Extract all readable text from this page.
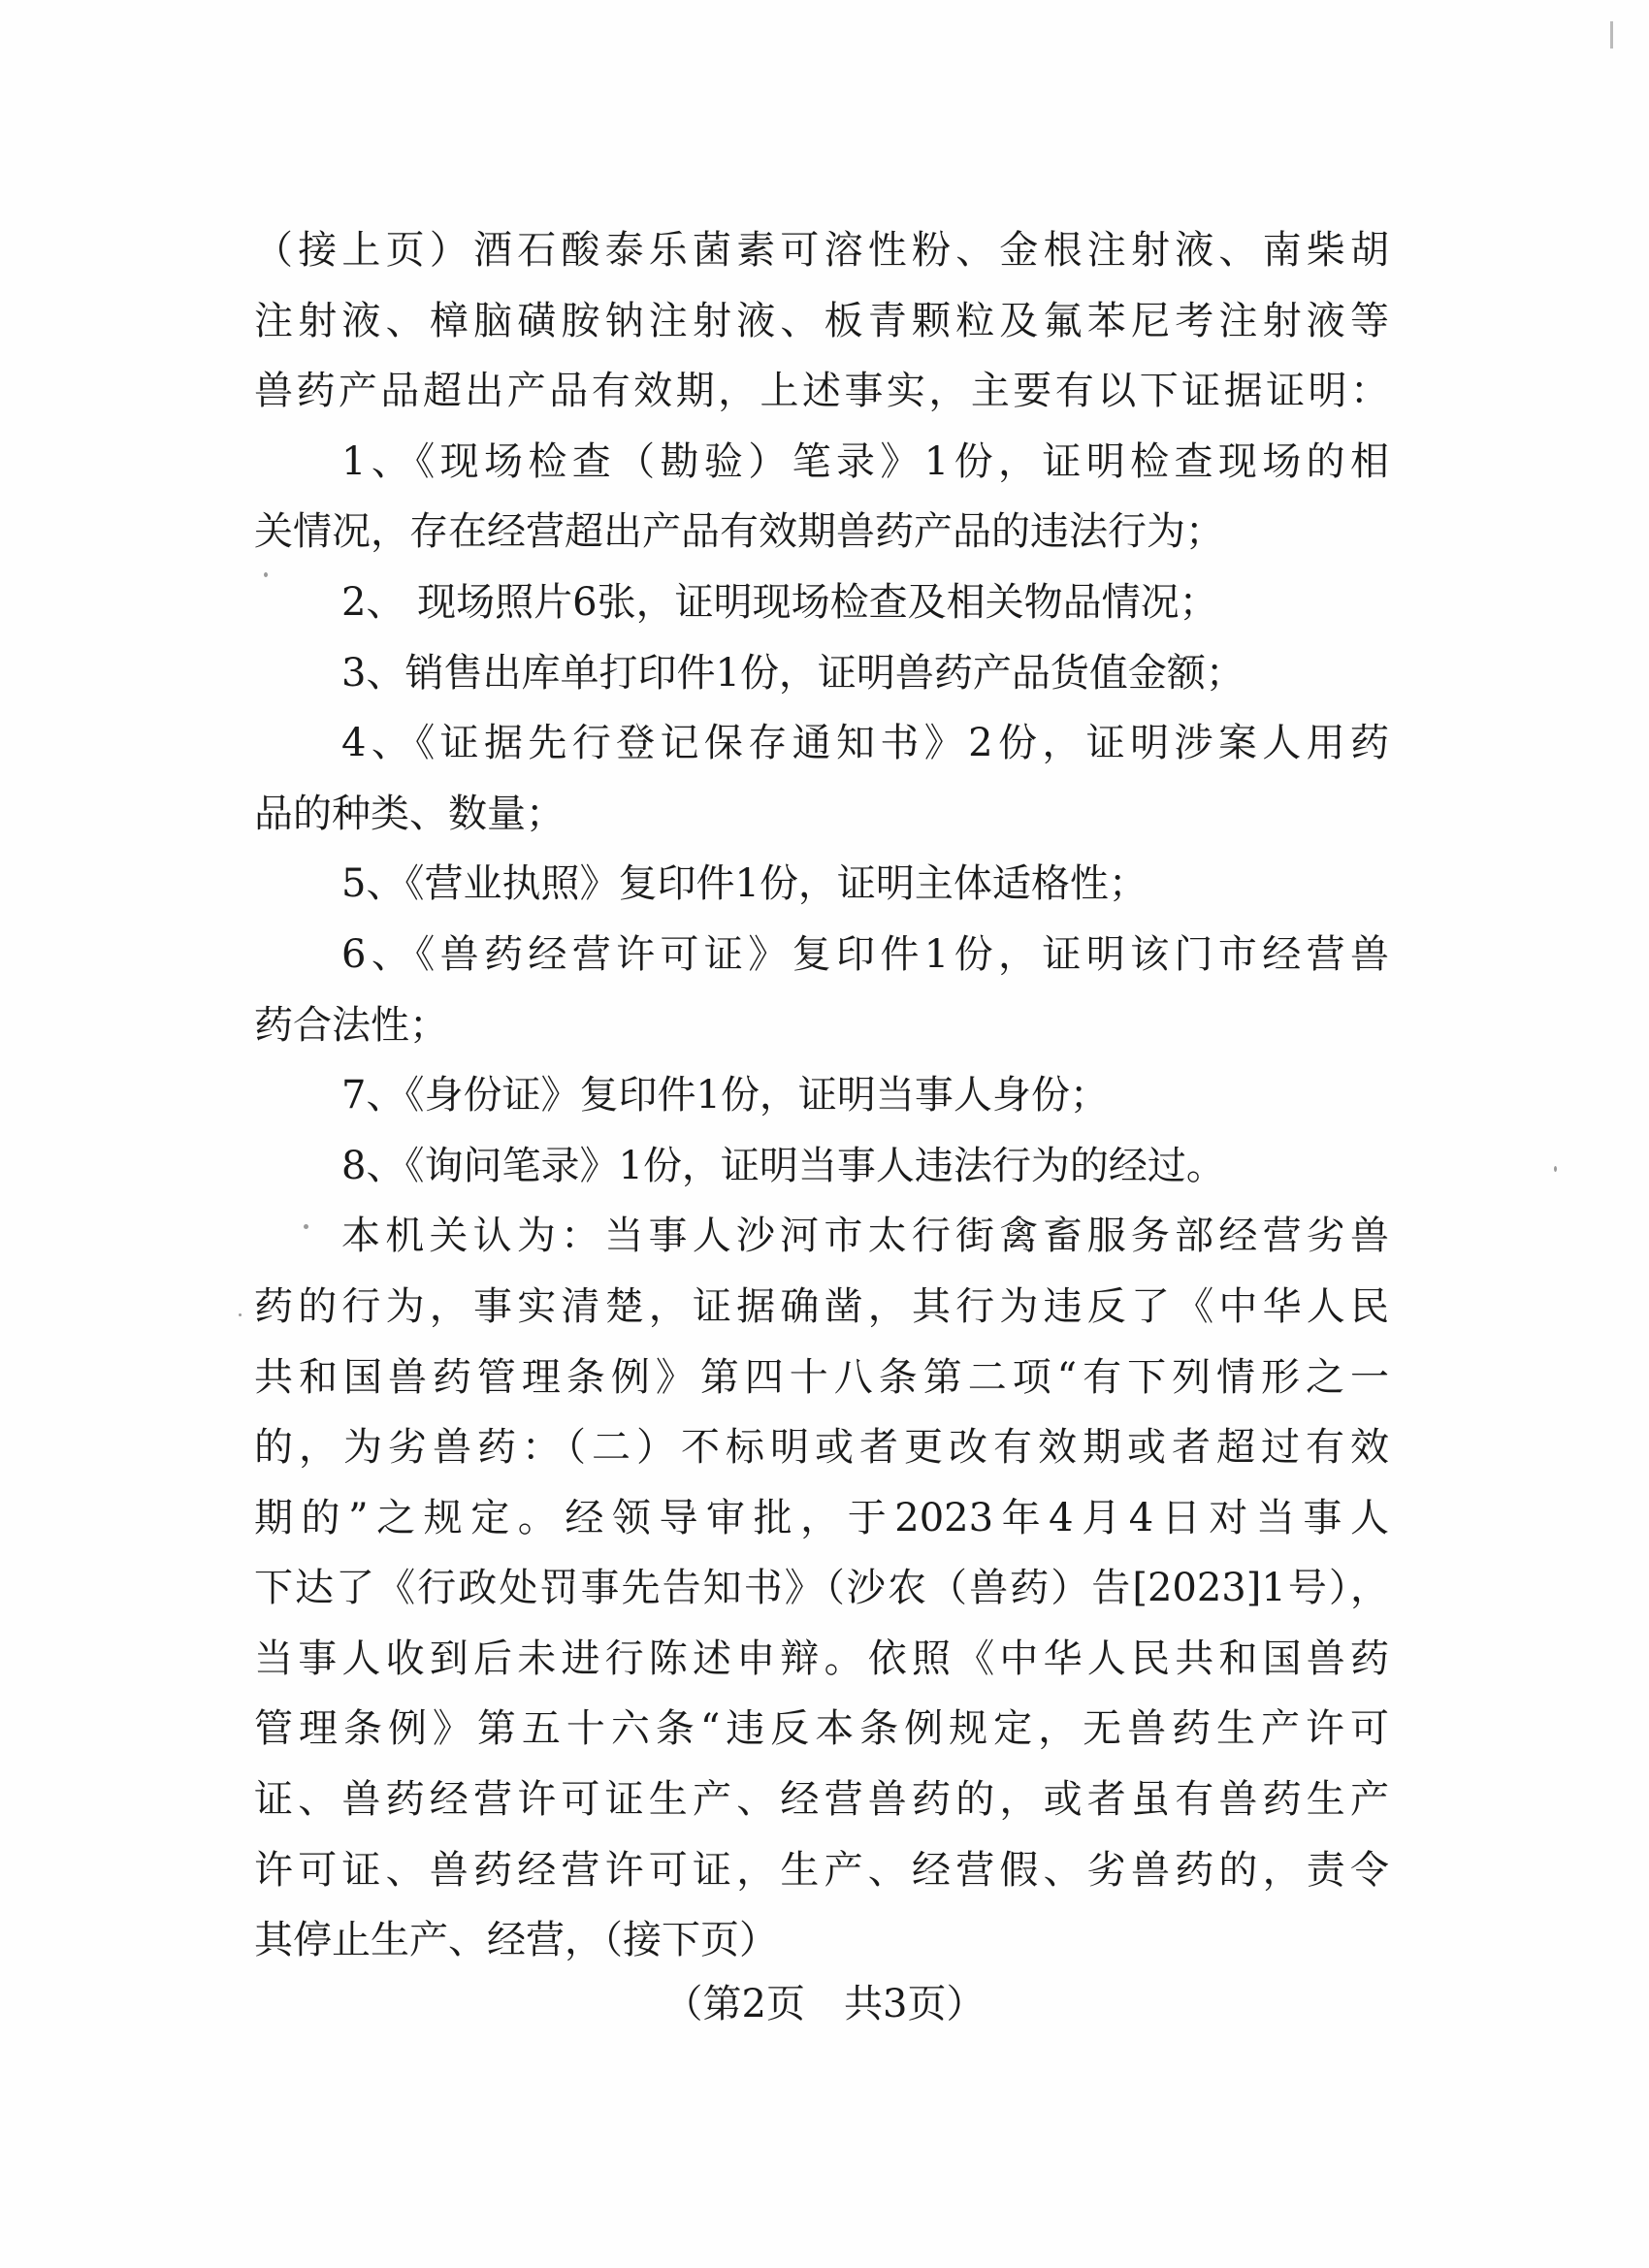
（接上页）酒石酸泰乐菌素可溶性粉、金根注射液、南柴胡
注射液、樟脑磺胺钠注射液、板青颗粒及氟苯尼考注射液等
兽药产品超出产品有效期，上述事实，主要有以下证据证明：
1、《现场检查（勘验）笔录》1份，证明检查现场的相
关情况，存在经营超出产品有效期兽药产品的违法行为；
2、 现场照片6张，证明现场检查及相关物品情况；
3、销售出库单打印件1份，证明兽药产品货值金额；
4、《证据先行登记保存通知书》2份，证明涉案人用药
品的种类、数量；
5、《营业执照》复印件1份，证明主体适格性；
6、《兽药经营许可证》复印件1份，证明该门市经营兽
药合法性；
7、《身份证》复印件1份，证明当事人身份；
8、《询问笔录》1份，证明当事人违法行为的经过。
本机关认为：当事人沙河市太行街禽畜服务部经营劣兽
药的行为，事实清楚，证据确凿，其行为违反了《中华人民
共和国兽药管理条例》第四十八条第二项“有下列情形之一
的，为劣兽药：（二）不标明或者更改有效期或者超过有效
期的”之规定。经领导审批，于2023年4月4日对当事人
下达了《行政处罚事先告知书》（沙农（兽药）告[2023]1号），
当事人收到后未进行陈述申辩。依照《中华人民共和国兽药
管理条例》第五十六条“违反本条例规定，无兽药生产许可
证、兽药经营许可证生产、经营兽药的，或者虽有兽药生产
许可证、兽药经营许可证，生产、经营假、劣兽药的，责令
其停止生产、经营，（接下页）
（第2页　共3页）
